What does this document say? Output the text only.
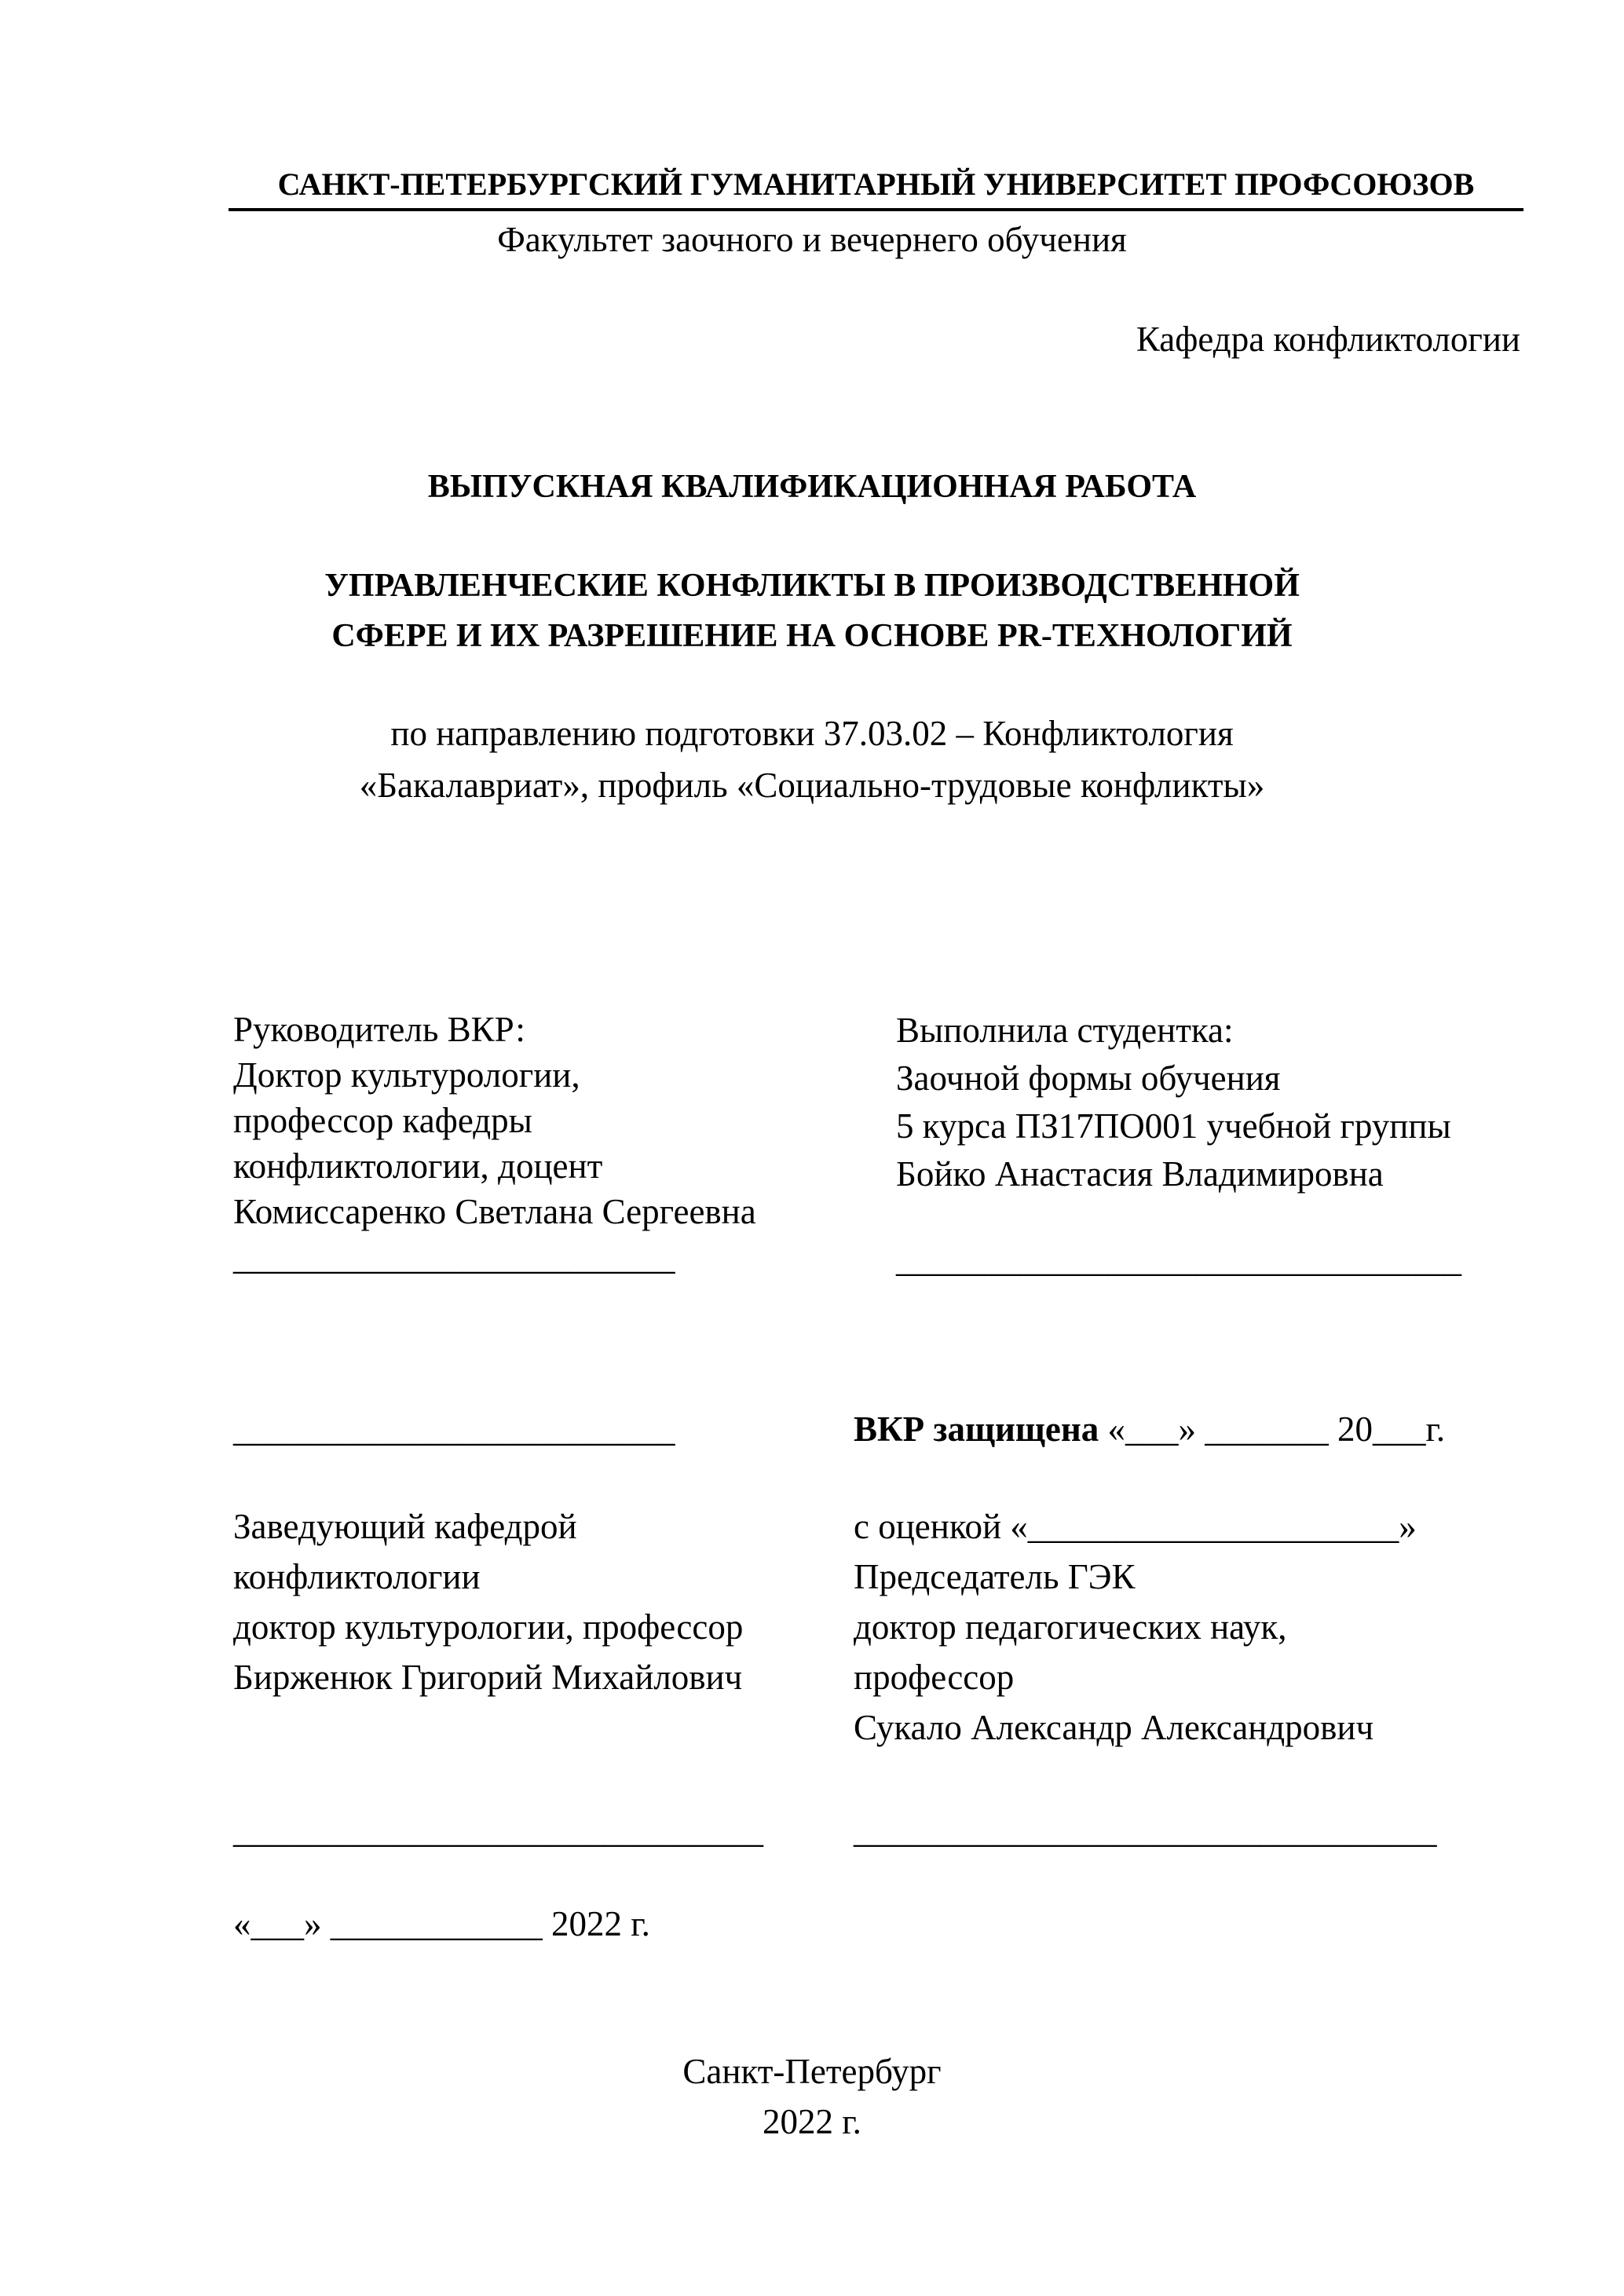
САНКТ-ПЕТЕРБУРГСКИЙ ГУМАНИТАРНЫЙ УНИВЕРСИТЕТ ПРОФСОЮЗОВ
Факультет заочного и вечернего обучения
Кафедра конфликтологии
ВЫПУСКНАЯ КВАЛИФИКАЦИОННАЯ РАБОТА
УПРАВЛЕНЧЕСКИЕ КОНФЛИКТЫ В ПРОИЗВОДСТВЕННОЙ
СФЕРЕ И ИХ РАЗРЕШЕНИЕ НА ОСНОВЕ PR-ТЕХНОЛОГИЙ
по направлению подготовки 37.03.02 – Конфликтология
«Бакалавриат», профиль «Социально-трудовые конфликты»
Руководитель ВКР:
Доктор культурологии,
профессор кафедры
конфликтологии, доцент
Комиссаренко Светлана Сергеевна
_________________________
Выполнила студентка:
Заочной формы обучения
5 курса ПЗ17ПО001 учебной группы
Бойко Анастасия Владимировна
________________________________
_________________________	ВКР защищена «___» _______ 20___г.
Заведующий кафедрой
конфликтологии
доктор культурологии, профессор
Бирженюк Григорий Михайлович
с оценкой «_____________________»
Председатель ГЭК
доктор педагогических наук,
профессор
Сукало Александр Александрович
______________________________	_________________________________
«___» ____________ 2022 г.
Санкт-Петербург
2022 г.
